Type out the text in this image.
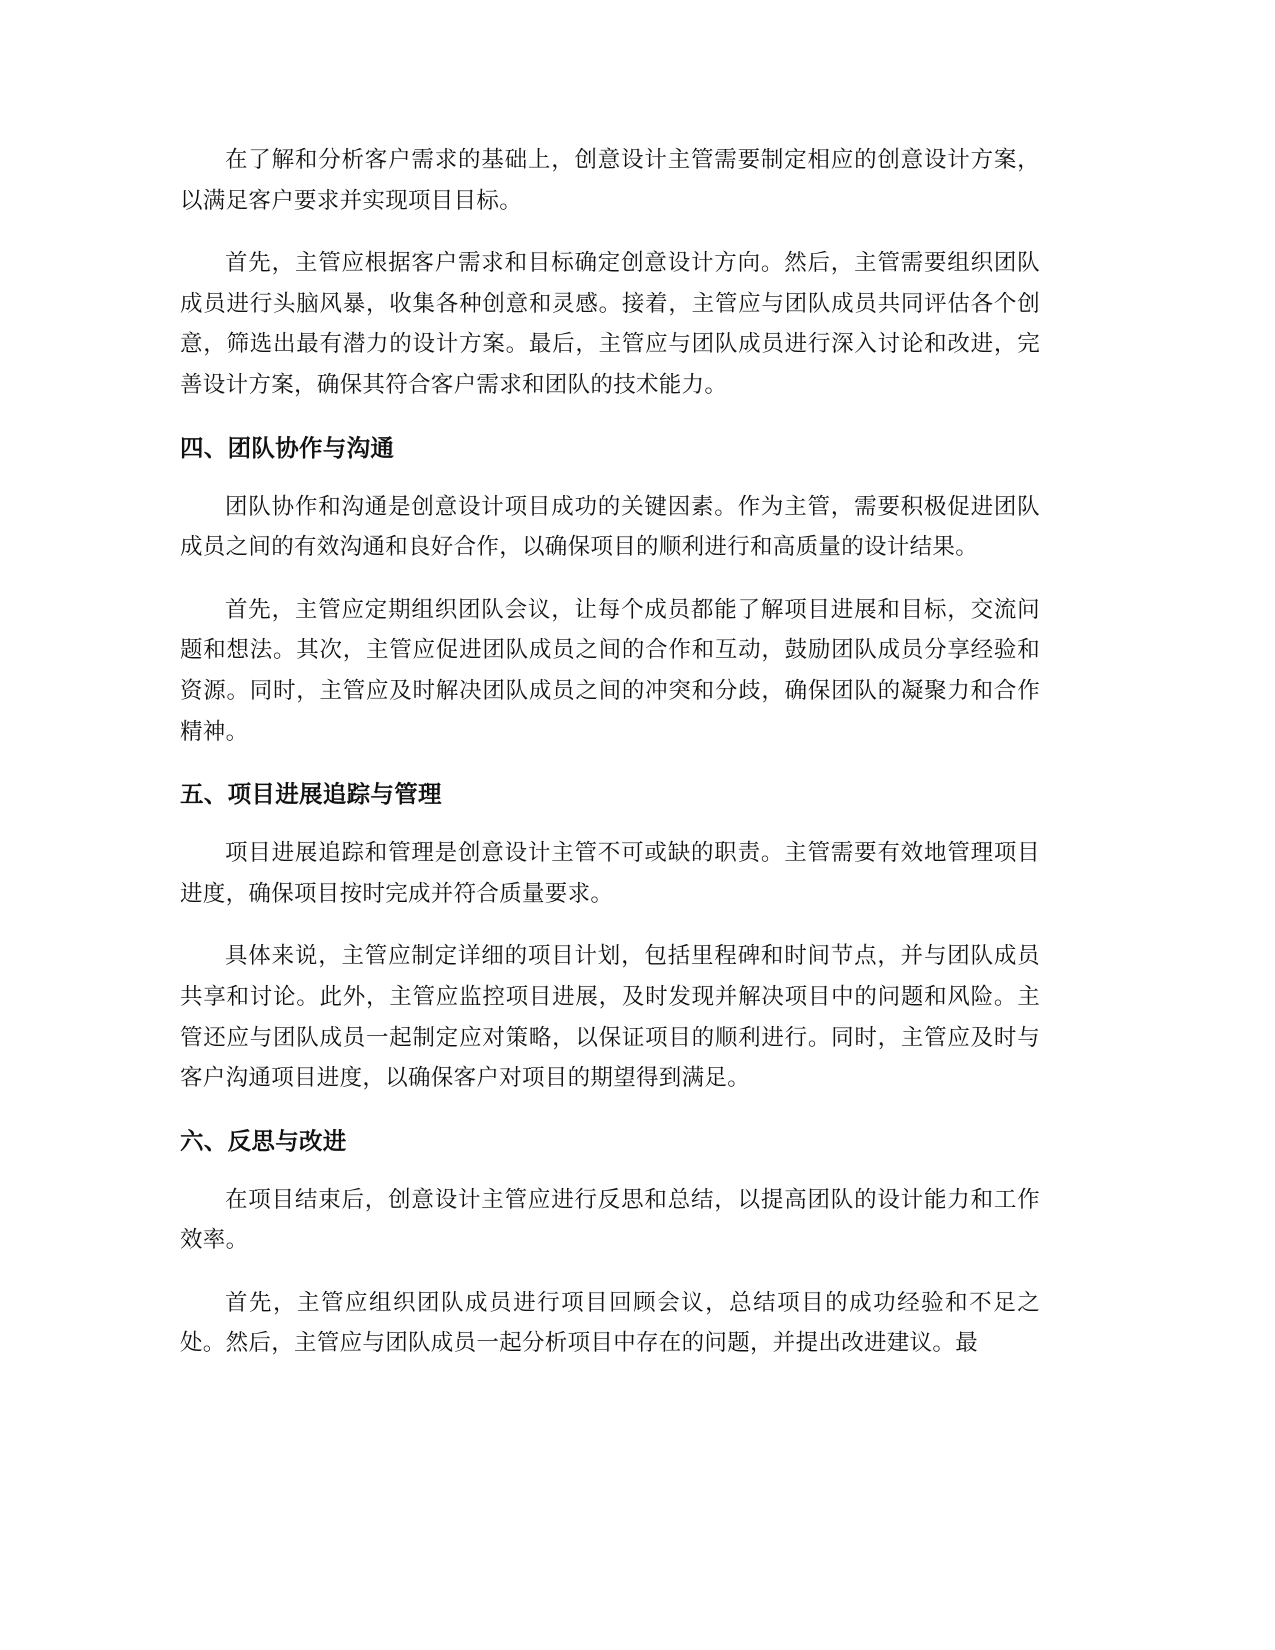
在了解和分析客户需求的基础上，创意设计主管需要制定相应的创意设计方案，以满足客户要求并实现项目目标。

首先，主管应根据客户需求和目标确定创意设计方向。然后，主管需要组织团队成员进行头脑风暴，收集各种创意和灵感。接着，主管应与团队成员共同评估各个创意，筛选出最有潜力的设计方案。最后，主管应与团队成员进行深入讨论和改进，完善设计方案，确保其符合客户需求和团队的技术能力。

四、团队协作与沟通

团队协作和沟通是创意设计项目成功的关键因素。作为主管，需要积极促进团队成员之间的有效沟通和良好合作，以确保项目的顺利进行和高质量的设计结果。

首先，主管应定期组织团队会议，让每个成员都能了解项目进展和目标，交流问题和想法。其次，主管应促进团队成员之间的合作和互动，鼓励团队成员分享经验和资源。同时，主管应及时解决团队成员之间的冲突和分歧，确保团队的凝聚力和合作精神。

五、项目进展追踪与管理

项目进展追踪和管理是创意设计主管不可或缺的职责。主管需要有效地管理项目进度，确保项目按时完成并符合质量要求。

具体来说，主管应制定详细的项目计划，包括里程碑和时间节点，并与团队成员共享和讨论。此外，主管应监控项目进展，及时发现并解决项目中的问题和风险。主管还应与团队成员一起制定应对策略，以保证项目的顺利进行。同时，主管应及时与客户沟通项目进度，以确保客户对项目的期望得到满足。

六、反思与改进

在项目结束后，创意设计主管应进行反思和总结，以提高团队的设计能力和工作效率。

首先，主管应组织团队成员进行项目回顾会议，总结项目的成功经验和不足之处。然后，主管应与团队成员一起分析项目中存在的问题，并提出改进建议。最
